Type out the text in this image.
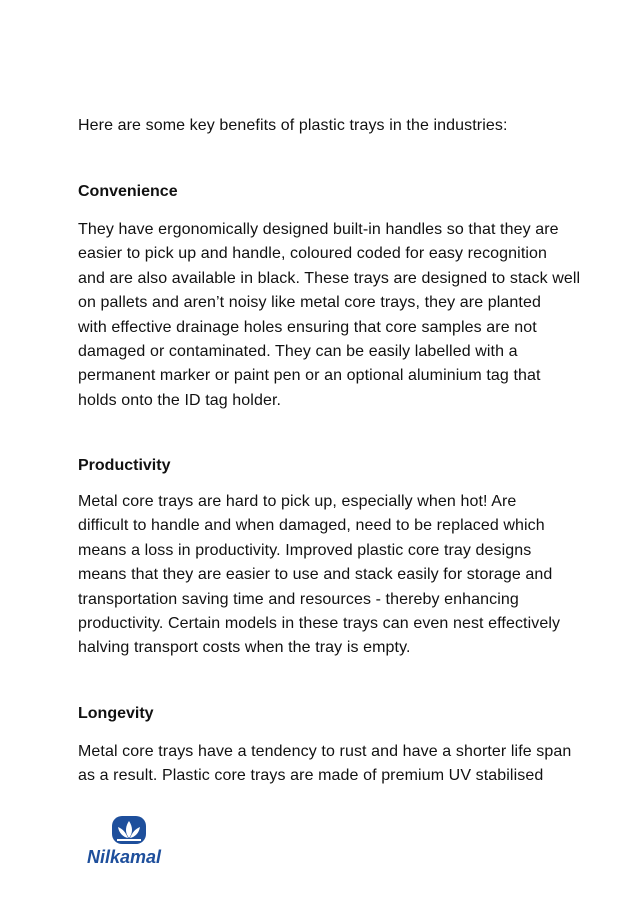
Here are some key benefits of plastic trays in the industries:
Convenience
They have ergonomically designed built-in handles so that they are
easier to pick up and handle, coloured coded for easy recognition
and are also available in black. These trays are designed to stack well
on pallets and aren’t noisy like metal core trays, they are planted
with effective drainage holes ensuring that core samples are not
damaged or contaminated. They can be easily labelled with a
permanent marker or paint pen or an optional aluminium tag that
holds onto the ID tag holder.
Productivity
Metal core trays are hard to pick up, especially when hot! Are
difficult to handle and when damaged, need to be replaced which
means a loss in productivity. Improved plastic core tray designs
means that they are easier to use and stack easily for storage and
transportation saving time and resources - thereby enhancing
productivity. Certain models in these trays can even nest effectively
halving transport costs when the tray is empty.
Longevity
Metal core trays have a tendency to rust and have a shorter life span
as a result. Plastic core trays are made of premium UV stabilised
Nilkamal
